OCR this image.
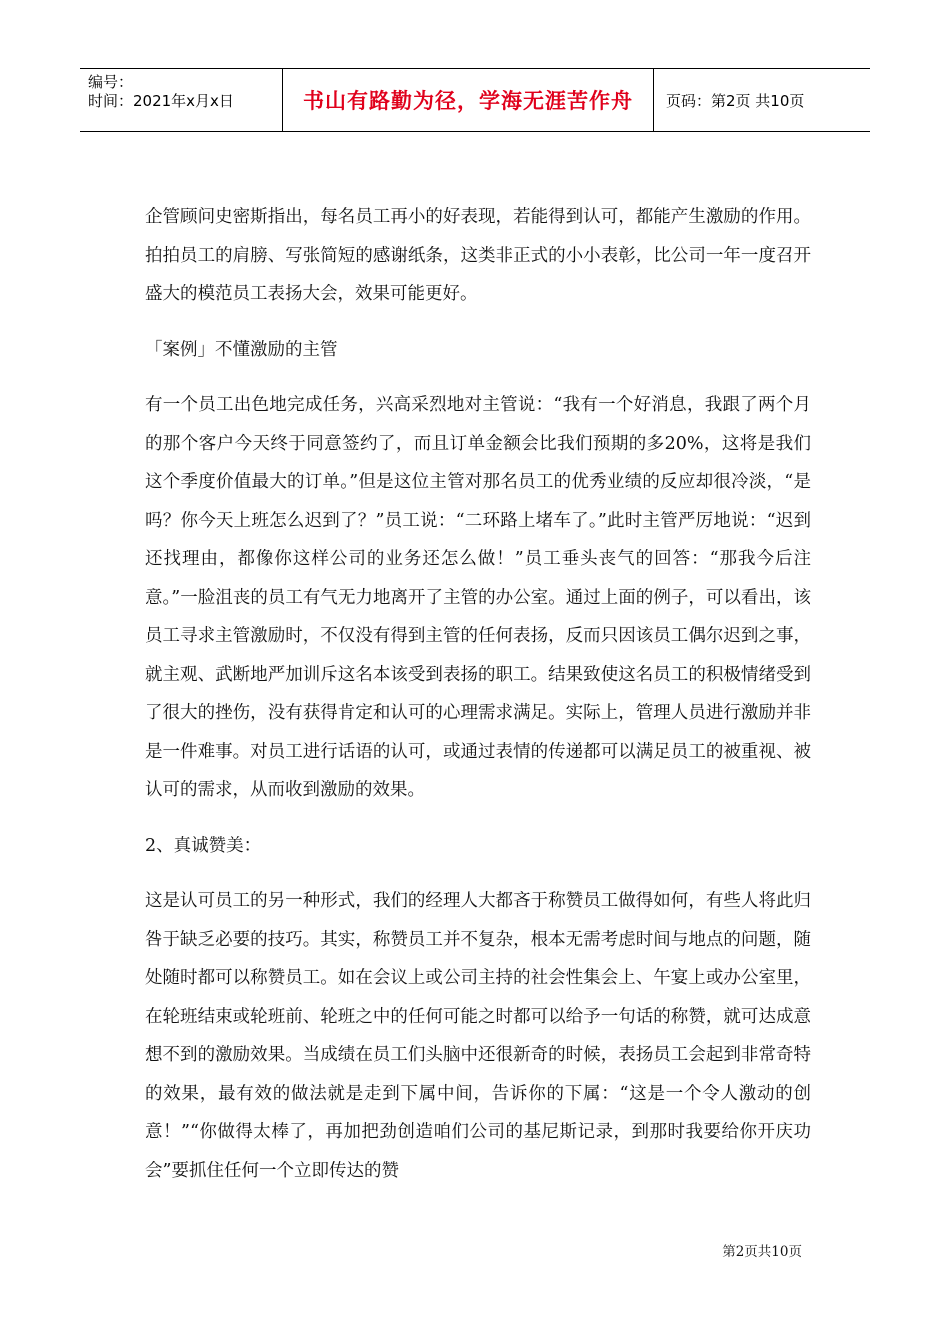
编号：
时间：2021年x月x日	书山有路勤为径，学海无涯苦作舟	页码：第2页 共10页

企管顾问史密斯指出，每名员工再小的好表现，若能得到认可，都能产生激励的作用。拍拍员工的肩膀、写张简短的感谢纸条，这类非正式的小小表彰，比公司一年一度召开盛大的模范员工表扬大会，效果可能更好。

「案例」不懂激励的主管

有一个员工出色地完成任务，兴高采烈地对主管说：“我有一个好消息，我跟了两个月的那个客户今天终于同意签约了，而且订单金额会比我们预期的多20%，这将是我们这个季度价值最大的订单。”但是这位主管对那名员工的优秀业绩的反应却很冷淡，“是吗？你今天上班怎么迟到了？”员工说：“二环路上堵车了。”此时主管严厉地说：“迟到还找理由，都像你这样公司的业务还怎么做！”员工垂头丧气的回答：“那我今后注意。”一脸沮丧的员工有气无力地离开了主管的办公室。通过上面的例子，可以看出，该员工寻求主管激励时，不仅没有得到主管的任何表扬，反而只因该员工偶尔迟到之事，就主观、武断地严加训斥这名本该受到表扬的职工。结果致使这名员工的积极情绪受到了很大的挫伤，没有获得肯定和认可的心理需求满足。实际上，管理人员进行激励并非是一件难事。对员工进行话语的认可，或通过表情的传递都可以满足员工的被重视、被认可的需求，从而收到激励的效果。

2、真诚赞美：

这是认可员工的另一种形式，我们的经理人大都吝于称赞员工做得如何，有些人将此归咎于缺乏必要的技巧。其实，称赞员工并不复杂，根本无需考虑时间与地点的问题，随处随时都可以称赞员工。如在会议上或公司主持的社会性集会上、午宴上或办公室里，在轮班结束或轮班前、轮班之中的任何可能之时都可以给予一句话的称赞，就可达成意想不到的激励效果。当成绩在员工们头脑中还很新奇的时候，表扬员工会起到非常奇特的效果，最有效的做法就是走到下属中间，告诉你的下属：“这是一个令人激动的创意！”“你做得太棒了，再加把劲创造咱们公司的基尼斯记录，到那时我要给你开庆功会”要抓住任何一个立即传达的赞

第2页共10页
